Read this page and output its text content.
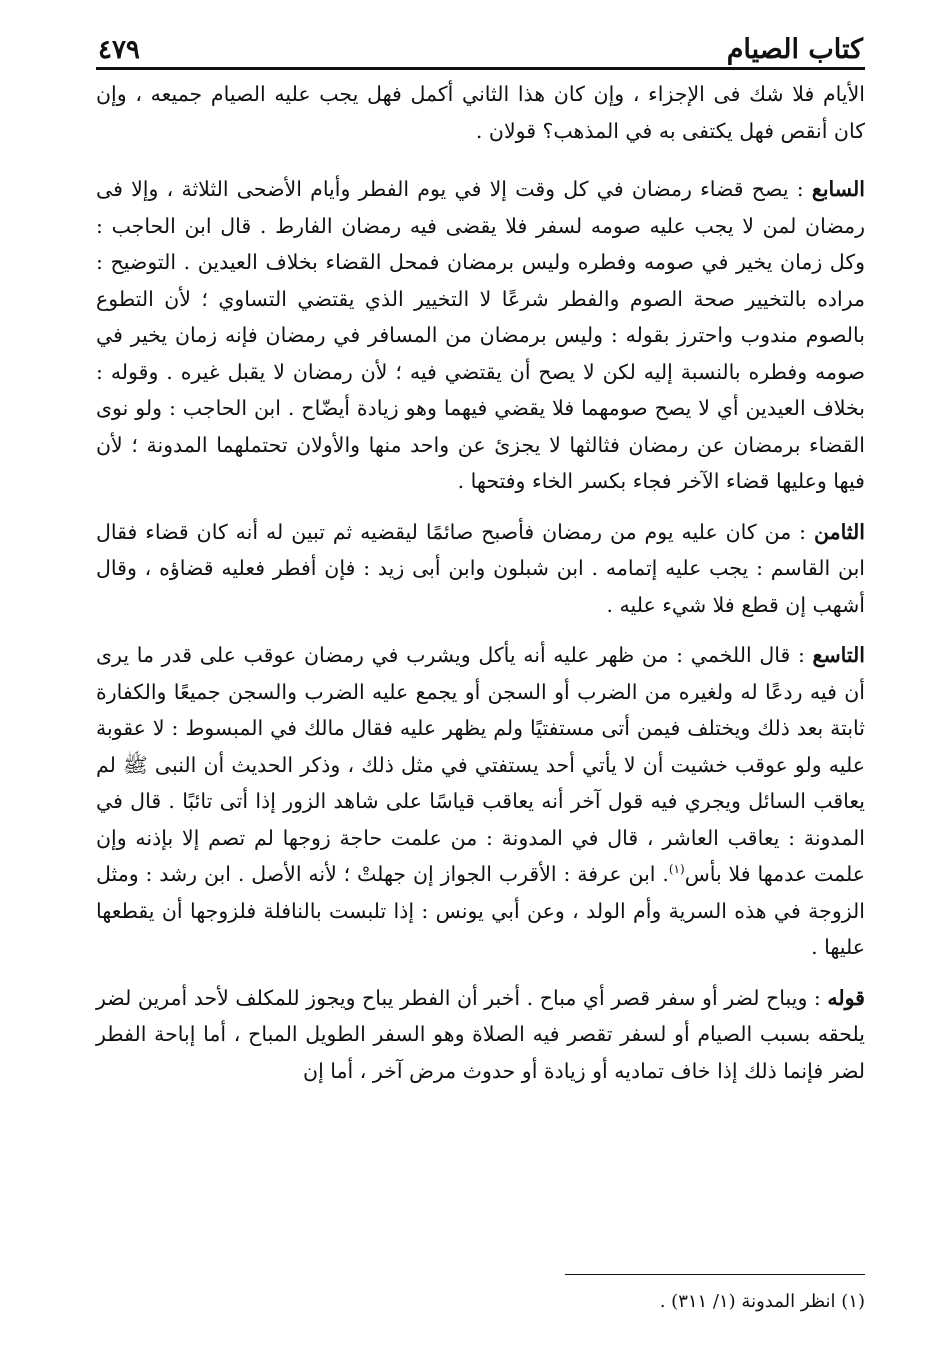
كتاب الصيام
٤٧٩

الأيام فلا شك فى الإجزاء ، وإن كان هذا الثاني أكمل فهل يجب عليه الصيام جميعه ، وإن كان أنقص فهل يكتفى به في المذهب؟ قولان .

السابع : يصح قضاء رمضان في كل وقت إلا في يوم الفطر وأيام الأضحى الثلاثة ، وإلا فى رمضان لمن لا يجب عليه صومه لسفر فلا يقضى فيه رمضان الفارط . قال ابن الحاجب : وكل زمان يخير في صومه وفطره وليس برمضان فمحل القضاء بخلاف العيدين . التوضيح : مراده بالتخيير صحة الصوم والفطر شرعًا لا التخيير الذي يقتضي التساوي ؛ لأن التطوع بالصوم مندوب واحترز بقوله : وليس برمضان من المسافر في رمضان فإنه زمان يخير في صومه وفطره بالنسبة إليه لكن لا يصح أن يقتضي فيه ؛ لأن رمضان لا يقبل غيره . وقوله : بخلاف العيدين أي لا يصح صومهما فلا يقضي فيهما وهو زيادة أيضّاح . ابن الحاجب : ولو نوى القضاء برمضان عن رمضان فثالثها لا يجزئ عن واحد منها والأولان تحتملهما المدونة ؛ لأن فيها وعليها قضاء الآخر فجاء بكسر الخاء وفتحها .

الثامن : من كان عليه يوم من رمضان فأصبح صائمًا ليقضيه ثم تبين له أنه كان قضاء فقال ابن القاسم : يجب عليه إتمامه . ابن شبلون وابن أبى زيد : فإن أفطر فعليه قضاؤه ، وقال أشهب إن قطع فلا شيء عليه .

التاسع : قال اللخمي : من ظهر عليه أنه يأكل ويشرب في رمضان عوقب على قدر ما يرى أن فيه ردعًا له ولغيره من الضرب أو السجن أو يجمع عليه الضرب والسجن جميعًا والكفارة ثابتة بعد ذلك ويختلف فيمن أتى مستفتيًا ولم يظهر عليه فقال مالك في المبسوط : لا عقوبة عليه ولو عوقب خشيت أن لا يأتي أحد يستفتي في مثل ذلك ، وذكر الحديث أن النبى ﷺ لم يعاقب السائل ويجري فيه قول آخر أنه يعاقب قياسًا على شاهد الزور إذا أتى تائبًا . قال في المدونة : يعاقب العاشر ، قال في المدونة : من علمت حاجة زوجها لم تصم إلا بإذنه وإن علمت عدمها فلا بأس$^{(١)}$. ابن عرفة : الأقرب الجواز إن جهلتْ ؛ لأنه الأصل . ابن رشد : ومثل الزوجة في هذه السرية وأم الولد ، وعن أبي يونس : إذا تلبست بالنافلة فلزوجها أن يقطعها عليها .

قوله : ويباح لضر أو سفر قصر أي مباح . أخبر أن الفطر يباح ويجوز للمكلف لأحد أمرين لضر يلحقه بسبب الصيام أو لسفر تقصر فيه الصلاة وهو السفر الطويل المباح ، أما إباحة الفطر لضر فإنما ذلك إذا خاف تماديه أو زيادة أو حدوث مرض آخر ، أما إن

(١) انظر المدونة (١/ ٣١١) .
